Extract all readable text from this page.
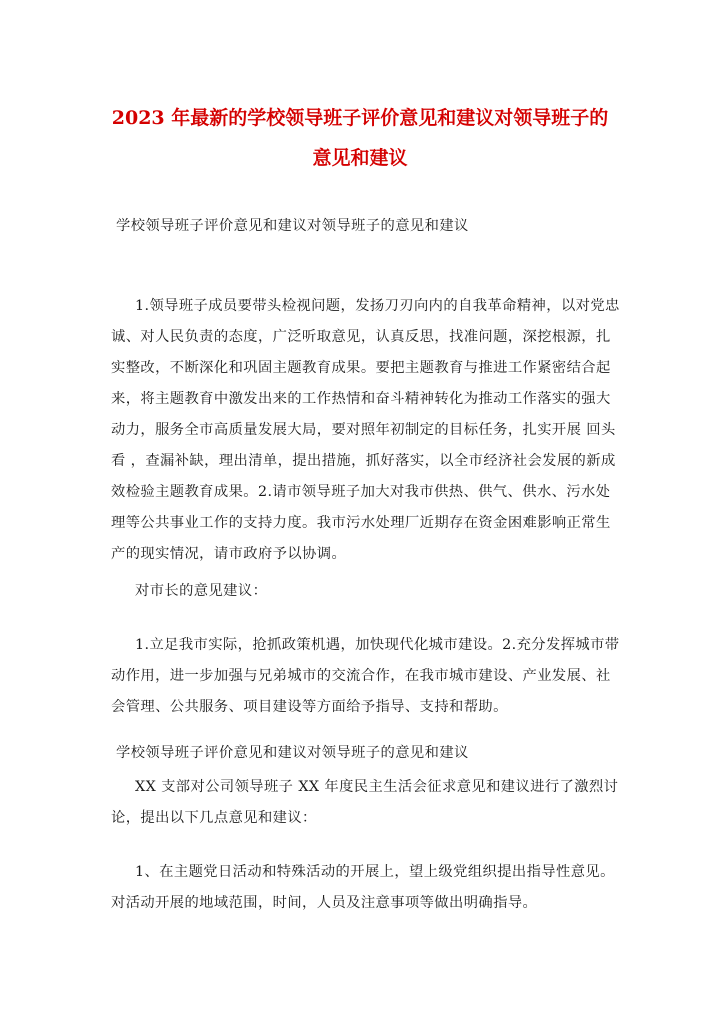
2023 年最新的学校领导班子评价意见和建议对领导班子的
意见和建议
学校领导班子评价意见和建议对领导班子的意见和建议
1.领导班子成员要带头检视问题，发扬刀刃向内的自我革命精神，以对党忠
诚、对人民负责的态度，广泛听取意见，认真反思，找准问题，深挖根源，扎
实整改，不断深化和巩固主题教育成果。要把主题教育与推进工作紧密结合起
来，将主题教育中激发出来的工作热情和奋斗精神转化为推动工作落实的强大
动力，服务全市高质量发展大局，要对照年初制定的目标任务，扎实开展 回头
看 ，查漏补缺，理出清单，提出措施，抓好落实，以全市经济社会发展的新成
效检验主题教育成果。2.请市领导班子加大对我市供热、供气、供水、污水处
理等公共事业工作的支持力度。我市污水处理厂近期存在资金困难影响正常生
产的现实情况，请市政府予以协调。
对市长的意见建议：
1.立足我市实际，抢抓政策机遇，加快现代化城市建设。2.充分发挥城市带
动作用，进一步加强与兄弟城市的交流合作，在我市城市建设、产业发展、社
会管理、公共服务、项目建设等方面给予指导、支持和帮助。
学校领导班子评价意见和建议对领导班子的意见和建议
XX 支部对公司领导班子 XX 年度民主生活会征求意见和建议进行了激烈讨
论，提出以下几点意见和建议：
1、在主题党日活动和特殊活动的开展上，望上级党组织提出指导性意见。
对活动开展的地域范围，时间，人员及注意事项等做出明确指导。
